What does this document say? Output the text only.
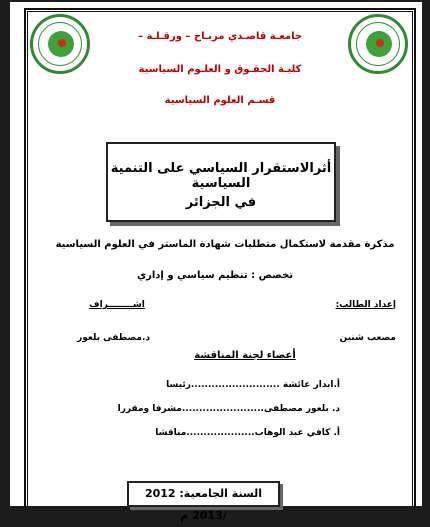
جامعـة قاصـدي مربـاح – ورقـلـة –
كليـة الحقـوق و العلـوم السياسية
قسـم العلوم السياسية
أثرالاستقرار السياسي على التنمية السياسية
في الجزائر
مذكرة مقدمة لاستكمال متطلبات شهادة الماستر في العلوم السياسية
تخصص : تنظيم سياسي و إداري
إعداد الطالب:
اشــــــــراف
مصعب شنين
د.مصطفى بلعور
أعضاء لجنة المناقشة
أ.ابدار عائشة ..........................رئيسا
د. بلعور مصطفى........................مشرفا ومقررا
أ. كافي عبد الوهاب....................مناقشا
السنة الجامعية: 2012 /2013 م
